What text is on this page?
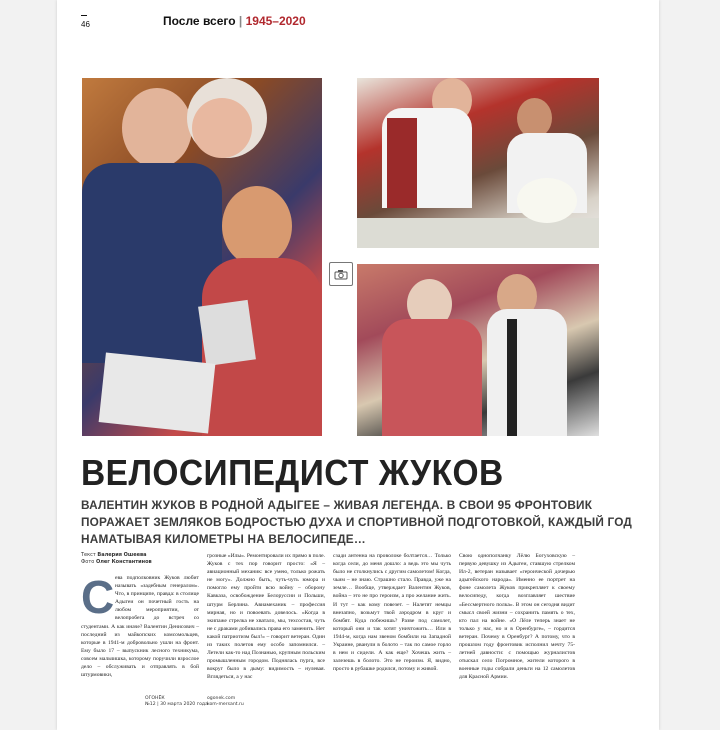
46	После всего | 1945–2020
ВЕЛОСИПЕДИСТ ЖУКОВ
ВАЛЕНТИН ЖУКОВ В РОДНОЙ АДЫГЕЕ – ЖИВАЯ ЛЕГЕНДА. В СВОИ 95 ФРОНТОВИК ПОРАЖАЕТ ЗЕМЛЯКОВ БОДРОСТЬЮ ДУХА И СПОРТИВНОЙ ПОДГОТОВКОЙ, КАЖДЫЙ ГОД НАМАТЫВАЯ КИЛОМЕТРЫ НА ВЕЛОСИПЕДЕ…
Текст Валерия Ошеева
Фото Олег Константинов
С ева подполковник Жуков любит называть «задебным генералом». Что, в принципе, правда: в столице Адыгеи он почетный гость на любом мероприятии, от велопробега до встреч со студентами. А как иначе? Валентин Денисович – последний из майкопских комсомольцев, которые в 1941-м добровольно ушли на фронт. Ему было 17 – выпускник лесного техникума, совсем мальчишка, которому поручили взрослое дело – обслуживать и отправлять в бой штурмовики,
грозные «Илы». Ремонтировали их прямо в поле. Жуков с тех пор говорит просто: «Я – авиационный механик: все умею, только рожать не могу». Должно быть, чуть-чуть юмора и помогло ему пройти всю войну – оборону Кавказа, освобождение Белоруссии и Польши, штурм Берлина. Авиамеханик – профессия мирная, но и повоевать довелось. «Когда в экипаже стрелка не хватало, мы, техсостав, чуть не с драками добивались права его заменить. Нет какой патриотизм был!» – говорит ветеран. Один из таких полетов ему особо запомнился. – Летели как-то над Познанью, крупным польским промышленным городом. Поднялась пурга, все вокруг было в дыму: видимость – нулевая. Вглядеться, а у нас
сзади антенна на проволоке болтается… Только когда сели, до меня дошло: а ведь это мы чуть было не столкнулись с другим самолетом! Когда, чьим – не знаю. Страшно стало. Правда, уже на земле… Вообще, утверждает Валентин Жуков, война – это не про героизм, а про желание жить. И тут – как кому повезет. – Налетят немцы внезапно, возьмут твой аэродром в круг и бомбят. Куда побежишь? Разве под самолет, который они и так хотят уничтожить… Или в 1944-м, когда нам звеном бомбили на Западной Украине, рванули в болото – так по самое горло в нем и сидели. А как еще? Хочешь жить – залезешь в болото. Это не героизм. Я, видно, просто в рубашке родился, потому и живой.
Свою однополчанку Лёлю Богуховскую – первую девушку из Адыгеи, ставшую стрелком Ил-2, ветеран называет «героической дочерью адыгейского народа». Именно ее портрет на фоне самолета Жуков прикрепляет к своему велосипеду, когда возглавляет шествие «Бессмертного полка». В этом он сегодня видит смысл своей жизни – сохранить память о тех, кто пал на войне. «О Лёле теперь знает не только у нас, но и в Оренбурге», – гордится ветеран. Почему в Оренбург? А потому, что в прошлом году фронтовик исполнил мечту 75-летней давности: с помощью журналистов отыскал село Погромное, жители которого в военные годы собрали деньги на 12 самолетов для Красной Армии.
ОГОНЁК
№12 | 30 марта 2020 года
ogonek.com
kom-mersant.ru
